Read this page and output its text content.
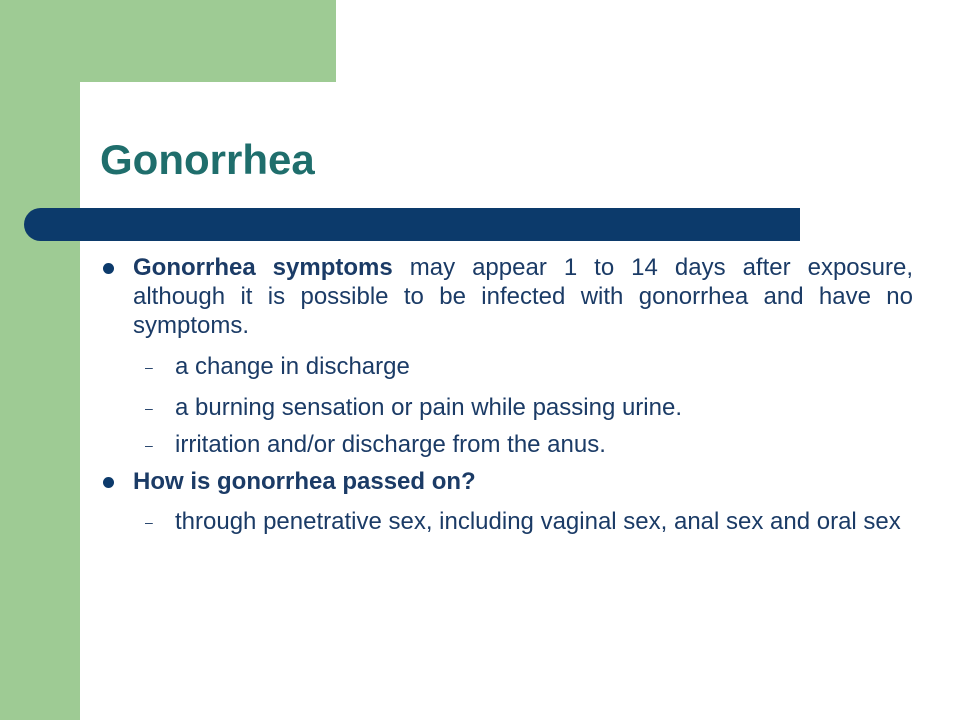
Gonorrhea
Gonorrhea symptoms may appear 1 to 14 days after exposure, although it is possible to be infected with gonorrhea and have no symptoms.
– a change in discharge
– a burning sensation or pain while passing urine.
– irritation and/or discharge from the anus.
How is gonorrhea passed on?
– through penetrative sex, including vaginal sex, anal sex and oral sex
